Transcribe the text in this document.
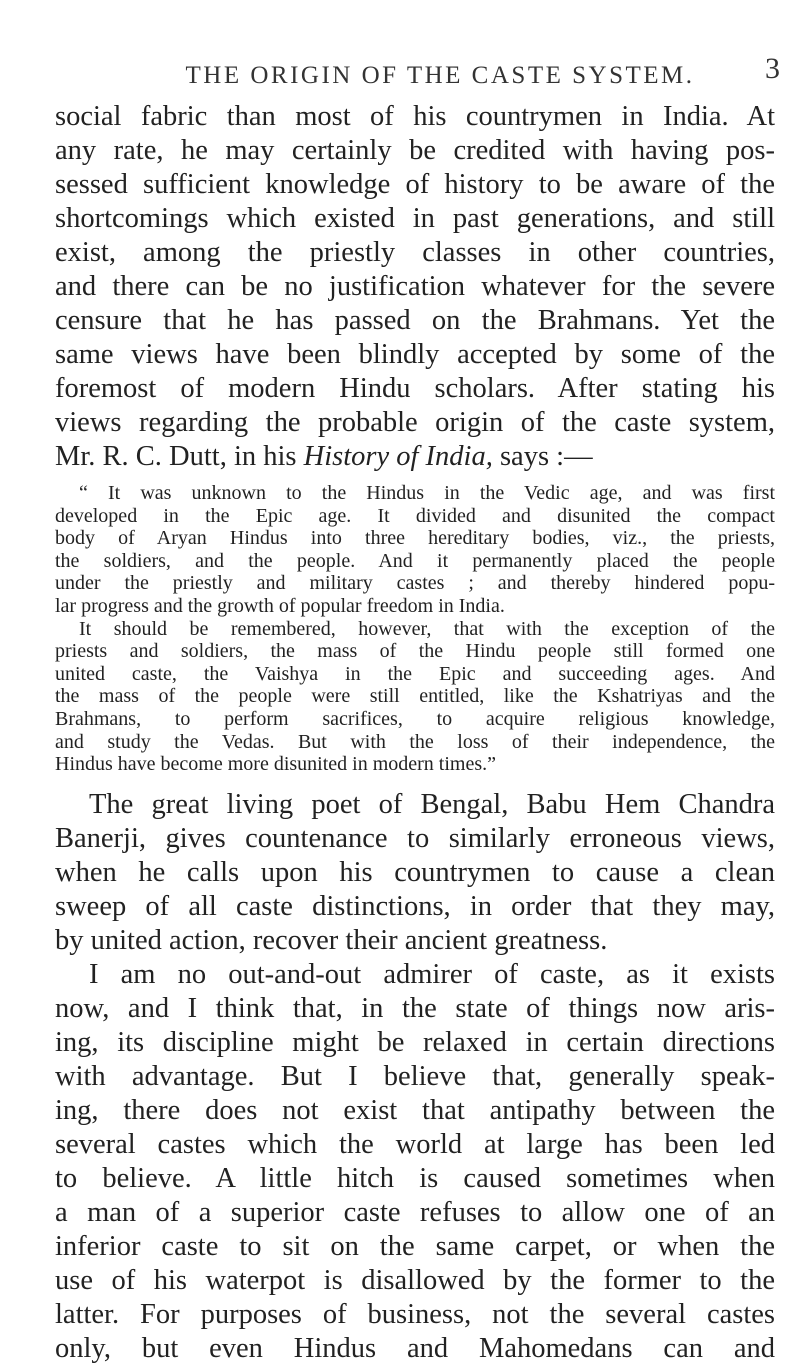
THE ORIGIN OF THE CASTE SYSTEM.	3
social fabric than most of his countrymen in India. At
any rate, he may certainly be credited with having pos-
sessed sufficient knowledge of history to be aware of the
shortcomings which existed in past generations, and still
exist, among the priestly classes in other countries,
and there can be no justification whatever for the severe
censure that he has passed on the Brahmans. Yet the
same views have been blindly accepted by some of the
foremost of modern Hindu scholars. After stating his
views regarding the probable origin of the caste system,
Mr. R. C. Dutt, in his History of India, says :—
“ It was unknown to the Hindus in the Vedic age, and was first
developed in the Epic age. It divided and disunited the compact
body of Aryan Hindus into three hereditary bodies, viz., the priests,
the soldiers, and the people. And it permanently placed the people
under the priestly and military castes ; and thereby hindered popu-
lar progress and the growth of popular freedom in India.
It should be remembered, however, that with the exception of the
priests and soldiers, the mass of the Hindu people still formed one
united caste, the Vaishya in the Epic and succeeding ages. And
the mass of the people were still entitled, like the Kshatriyas and the
Brahmans, to perform sacrifices, to acquire religious knowledge,
and study the Vedas. But with the loss of their independence, the
Hindus have become more disunited in modern times.”
The great living poet of Bengal, Babu Hem Chandra
Banerji, gives countenance to similarly erroneous views,
when he calls upon his countrymen to cause a clean
sweep of all caste distinctions, in order that they may,
by united action, recover their ancient greatness.
I am no out-and-out admirer of caste, as it exists
now, and I think that, in the state of things now aris-
ing, its discipline might be relaxed in certain directions
with advantage. But I believe that, generally speak-
ing, there does not exist that antipathy between the
several castes which the world at large has been led
to believe. A little hitch is caused sometimes when
a man of a superior caste refuses to allow one of an
inferior caste to sit on the same carpet, or when the
use of his waterpot is disallowed by the former to the
latter. For purposes of business, not the several castes
only, but even Hindus and Mahomedans can and
